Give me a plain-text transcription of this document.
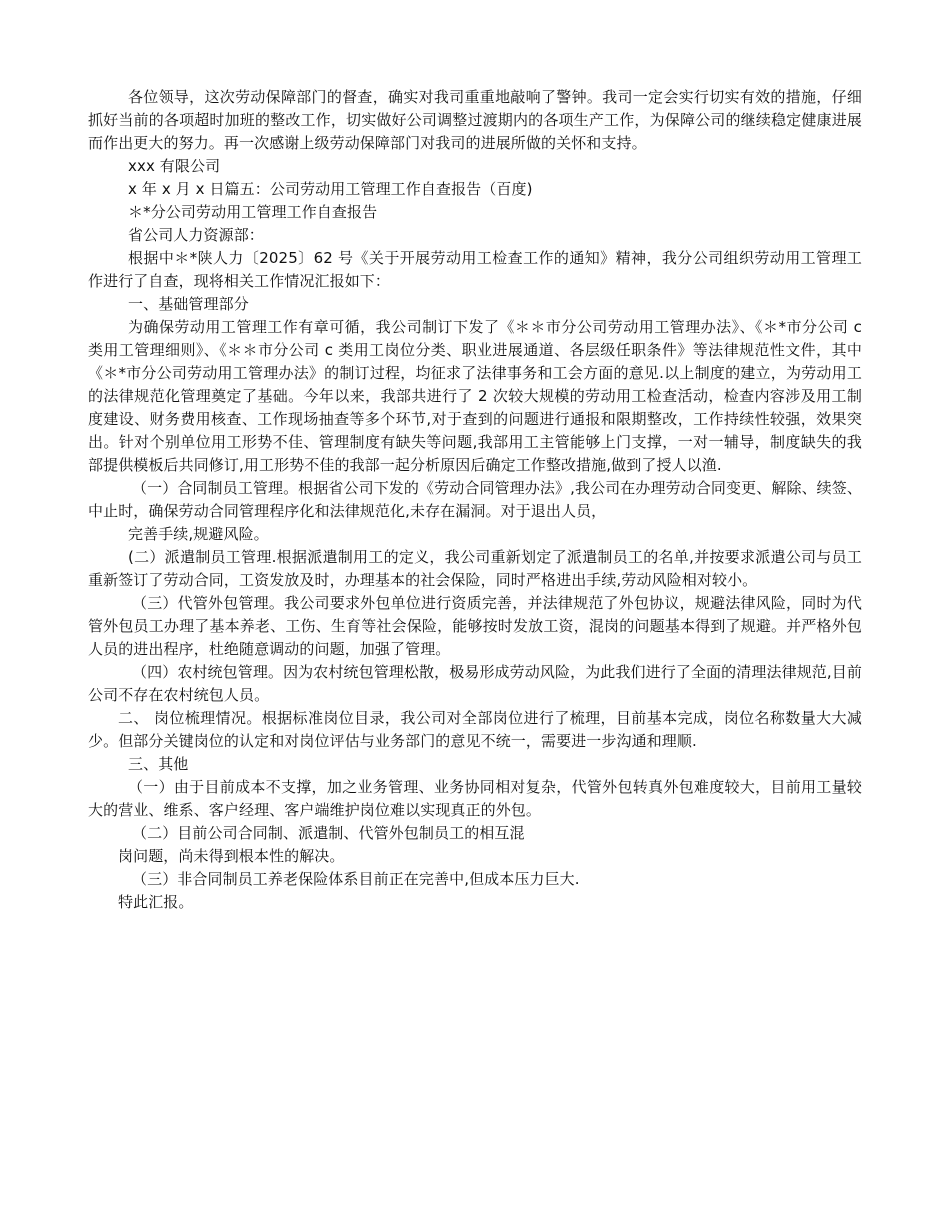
各位领导，这次劳动保障部门的督查，确实对我司重重地敲响了警钟。我司一定会实行切实有效的措施，仔细抓好当前的各项超时加班的整改工作，切实做好公司调整过渡期内的各项生产工作，为保障公司的继续稳定健康进展而作出更大的努力。再一次感谢上级劳动保障部门对我司的进展所做的关怀和支持。

xxx 有限公司

x 年 x 月 x 日篇五：公司劳动用工管理工作自查报告（百度)

＊*分公司劳动用工管理工作自查报告

省公司人力资源部：

根据中＊*陕人力〔2025〕62 号《关于开展劳动用工检查工作的通知》精神，我分公司组织劳动用工管理工作进行了自查，现将相关工作情况汇报如下：

一、基础管理部分

为确保劳动用工管理工作有章可循，我公司制订下发了《＊＊市分公司劳动用工管理办法》、《＊*市分公司 c 类用工管理细则》、《＊＊市分公司 c 类用工岗位分类、职业进展通道、各层级任职条件》等法律规范性文件，其中《＊*市分公司劳动用工管理办法》的制订过程，均征求了法律事务和工会方面的意见.以上制度的建立，为劳动用工的法律规范化管理奠定了基础。今年以来，我部共进行了 2 次较大规模的劳动用工检查活动，检查内容涉及用工制度建设、财务费用核查、工作现场抽查等多个环节,对于查到的问题进行通报和限期整改，工作持续性较强，效果突出。针对个别单位用工形势不佳、管理制度有缺失等问题,我部用工主管能够上门支撑，一对一辅导，制度缺失的我部提供模板后共同修订,用工形势不佳的我部一起分析原因后确定工作整改措施,做到了授人以渔.

（一）合同制员工管理。根据省公司下发的《劳动合同管理办法》,我公司在办理劳动合同变更、解除、续签、中止时，确保劳动合同管理程序化和法律规范化,未存在漏洞。对于退出人员，

完善手续,规避风险。

(二）派遣制员工管理.根据派遣制用工的定义，我公司重新划定了派遣制员工的名单,并按要求派遣公司与员工重新签订了劳动合同，工资发放及时，办理基本的社会保险，同时严格进出手续,劳动风险相对较小。

（三）代管外包管理。我公司要求外包单位进行资质完善，并法律规范了外包协议，规避法律风险，同时为代管外包员工办理了基本养老、工伤、生育等社会保险，能够按时发放工资，混岗的问题基本得到了规避。并严格外包人员的进出程序，杜绝随意调动的问题，加强了管理。

（四）农村统包管理。因为农村统包管理松散，极易形成劳动风险，为此我们进行了全面的清理法律规范,目前公司不存在农村统包人员。

二、 岗位梳理情况。根据标准岗位目录，我公司对全部岗位进行了梳理，目前基本完成，岗位名称数量大大减少。但部分关键岗位的认定和对岗位评估与业务部门的意见不统一，需要进一步沟通和理顺.

三、其他

（一）由于目前成本不支撑，加之业务管理、业务协同相对复杂，代管外包转真外包难度较大，目前用工量较大的营业、维系、客户经理、客户端维护岗位难以实现真正的外包。

（二）目前公司合同制、派遣制、代管外包制员工的相互混

岗问题，尚未得到根本性的解决。

（三）非合同制员工养老保险体系目前正在完善中,但成本压力巨大.

特此汇报。
